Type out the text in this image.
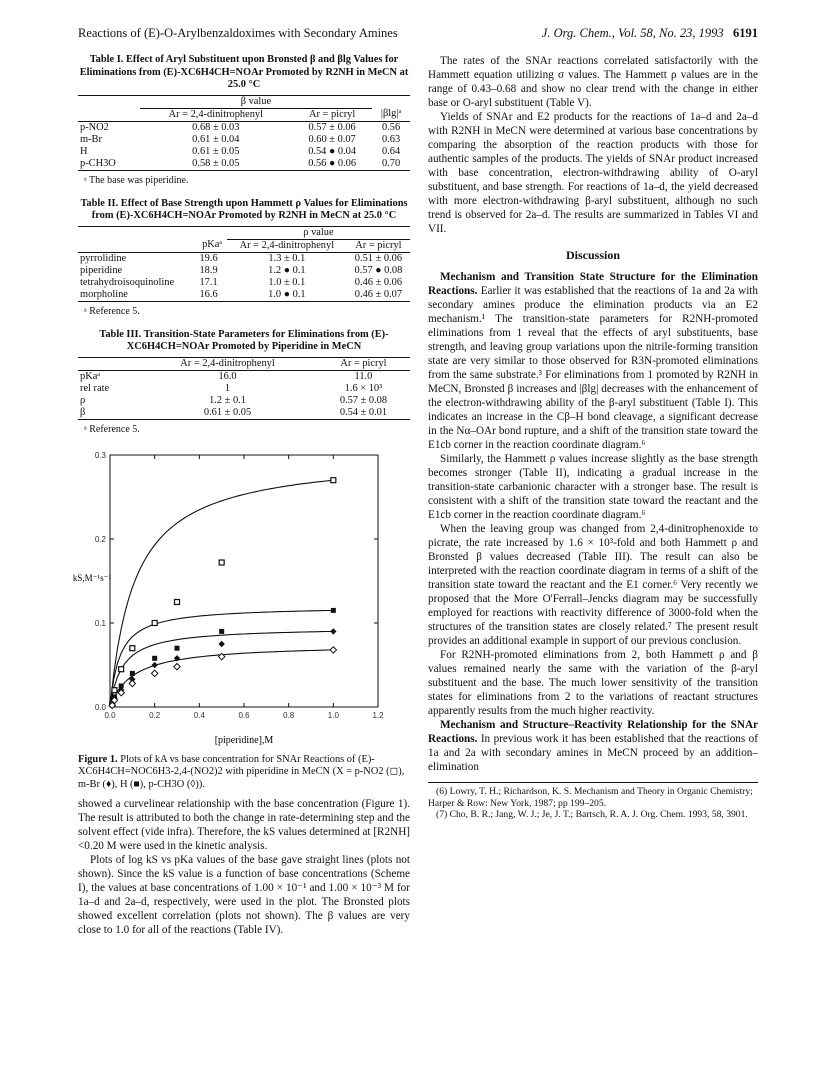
Reactions of (E)-O-Arylbenzaldoximes with Secondary Amines	J. Org. Chem., Vol. 58, No. 23, 1993 6191
Table I. Effect of Aryl Substituent upon Bronsted β and βlg Values for Eliminations from (E)-XC6H4CH=NOAr Promoted by R2NH in MeCN at 25.0 °C
	β value		
	Ar = 2,4-dinitrophenyl	Ar = picryl	|βlg|ᵃ
p-NO2	0.68 ± 0.03	0.57 ± 0.06	0.56
m-Br	0.61 ± 0.04	0.60 ± 0.07	0.63
H	0.61 ± 0.05	0.54 ● 0.04	0.64
p-CH3O	0.58 ± 0.05	0.56 ● 0.06	0.70
ᵃ The base was piperidine.
Table II. Effect of Base Strength upon Hammett ρ Values for Eliminations from (E)-XC6H4CH=NOAr Promoted by R2NH in MeCN at 25.0 °C
		ρ value	
	pKaᵃ	Ar = 2,4-dinitrophenyl	Ar = picryl
pyrrolidine	19.6	1.3 ± 0.1	0.51 ± 0.06
piperidine	18.9	1.2 ● 0.1	0.57 ● 0.08
tetrahydroisoquinoline	17.1	1.0 ± 0.1	0.46 ± 0.06
morpholine	16.6	1.0 ● 0.1	0.46 ± 0.07
ᵃ Reference 5.
Table III. Transition-State Parameters for Eliminations from (E)-XC6H4CH=NOAr Promoted by Piperidine in MeCN
	Ar = 2,4-dinitrophenyl	Ar = picryl
pKaᵃ	16.0	11.0
rel rate	1	1.6 × 10³
ρ	1.2 ± 0.1	0.57 ± 0.08
β	0.61 ± 0.05	0.54 ± 0.01
ᵃ Reference 5.
0.0	0.2	0.4	0.6	0.8	1.0	1.2
0.0
0.1
0.2
0.3
[piperidine],M
kS,M⁻¹s⁻¹
Figure 1. Plots of kA vs base concentration for SNAr Reactions of (E)-XC6H4CH=NOC6H3-2,4-(NO2)2 with piperidine in MeCN (X = p-NO2 (◻), m-Br (♦), H (■), p-CH3O (◊)).

showed a curvelinear relationship with the base concentration (Figure 1). The result is attributed to both the change in rate-determining step and the solvent effect (vide infra). Therefore, the kS values determined at [R2NH] <0.20 M were used in the kinetic analysis.

Plots of log kS vs pKa values of the base gave straight lines (plots not shown). Since the kS value is a function of base concentrations (Scheme I), the values at base concentrations of 1.00 × 10⁻¹ and 1.00 × 10⁻³ M for 1a–d and 2a–d, respectively, were used in the plot. The Bronsted plots showed excellent correlation (plots not shown). The β values are very close to 1.0 for all of the reactions (Table IV).

The rates of the SNAr reactions correlated satisfactorily with the Hammett equation utilizing σ values. The Hammett ρ values are in the range of 0.43–0.68 and show no clear trend with the change in either base or O-aryl substituent (Table V).

Yields of SNAr and E2 products for the reactions of 1a–d and 2a–d with R2NH in MeCN were determined at various base concentrations by comparing the absorption of the reaction products with those for authentic samples of the products. The yields of SNAr product increased with base concentration, electron-withdrawing ability of O-aryl substituent, and base strength. For reactions of 1a–d, the yield decreased with more electron-withdrawing β-aryl substituent, although no such trend is observed for 2a–d. The results are summarized in Tables VI and VII.

Discussion

Mechanism and Transition State Structure for the Elimination Reactions. Earlier it was established that the reactions of 1a and 2a with secondary amines produce the elimination products via an E2 mechanism.¹ The transition-state parameters for R2NH-promoted eliminations from 1 reveal that the effects of aryl substituents, base strength, and leaving group variations upon the nitrile-forming transition state are very similar to those observed for R3N-promoted eliminations from the same substrate.³ For eliminations from 1 promoted by R2NH in MeCN, Bronsted β increases and |βlg| decreases with the enhancement of the electron-withdrawing ability of the β-aryl substituent (Table I). This indicates an increase in the Cβ–H bond cleavage, a significant decrease in the Nα–OAr bond rupture, and a shift of the transition state toward the E1cb corner in the reaction coordinate diagram.⁶

Similarly, the Hammett ρ values increase slightly as the base strength becomes stronger (Table II), indicating a gradual increase in the transition-state carbanionic character with a stronger base. The result is consistent with a shift of the transition state toward the reactant and the E1cb corner in the reaction coordinate diagram.⁶

When the leaving group was changed from 2,4-dinitrophenoxide to picrate, the rate increased by 1.6 × 10³-fold and both Hammett ρ and Bronsted β values decreased (Table III). The result can also be interpreted with the reaction coordinate diagram in terms of a shift of the transition state toward the reactant and the E1 corner.⁶ Very recently we proposed that the More O'Ferrall–Jencks diagram may be successfully employed for reactions with reactivity difference of 3000-fold when the structures of the transition states are closely related.⁷ The present result provides an additional example in support of our previous conclusion.

For R2NH-promoted eliminations from 2, both Hammett ρ and β values remained nearly the same with the variation of the β-aryl substituent and the base. The much lower sensitivity of the transition states for eliminations from 2 to the variations of reactant structures apparently results from the much higher reactivity.

Mechanism and Structure–Reactivity Relationship for the SNAr Reactions. In previous work it has been established that the reactions of 1a and 2a with secondary amines in MeCN proceed by an addition–elimination

(6) Lowry, T. H.; Richardson, K. S. Mechanism and Theory in Organic Chemistry; Harper & Row: New York, 1987; pp 199–205.
(7) Cho, B. R.; Jang, W. J.; Je, J. T.; Bartsch, R. A. J. Org. Chem. 1993, 58, 3901.
